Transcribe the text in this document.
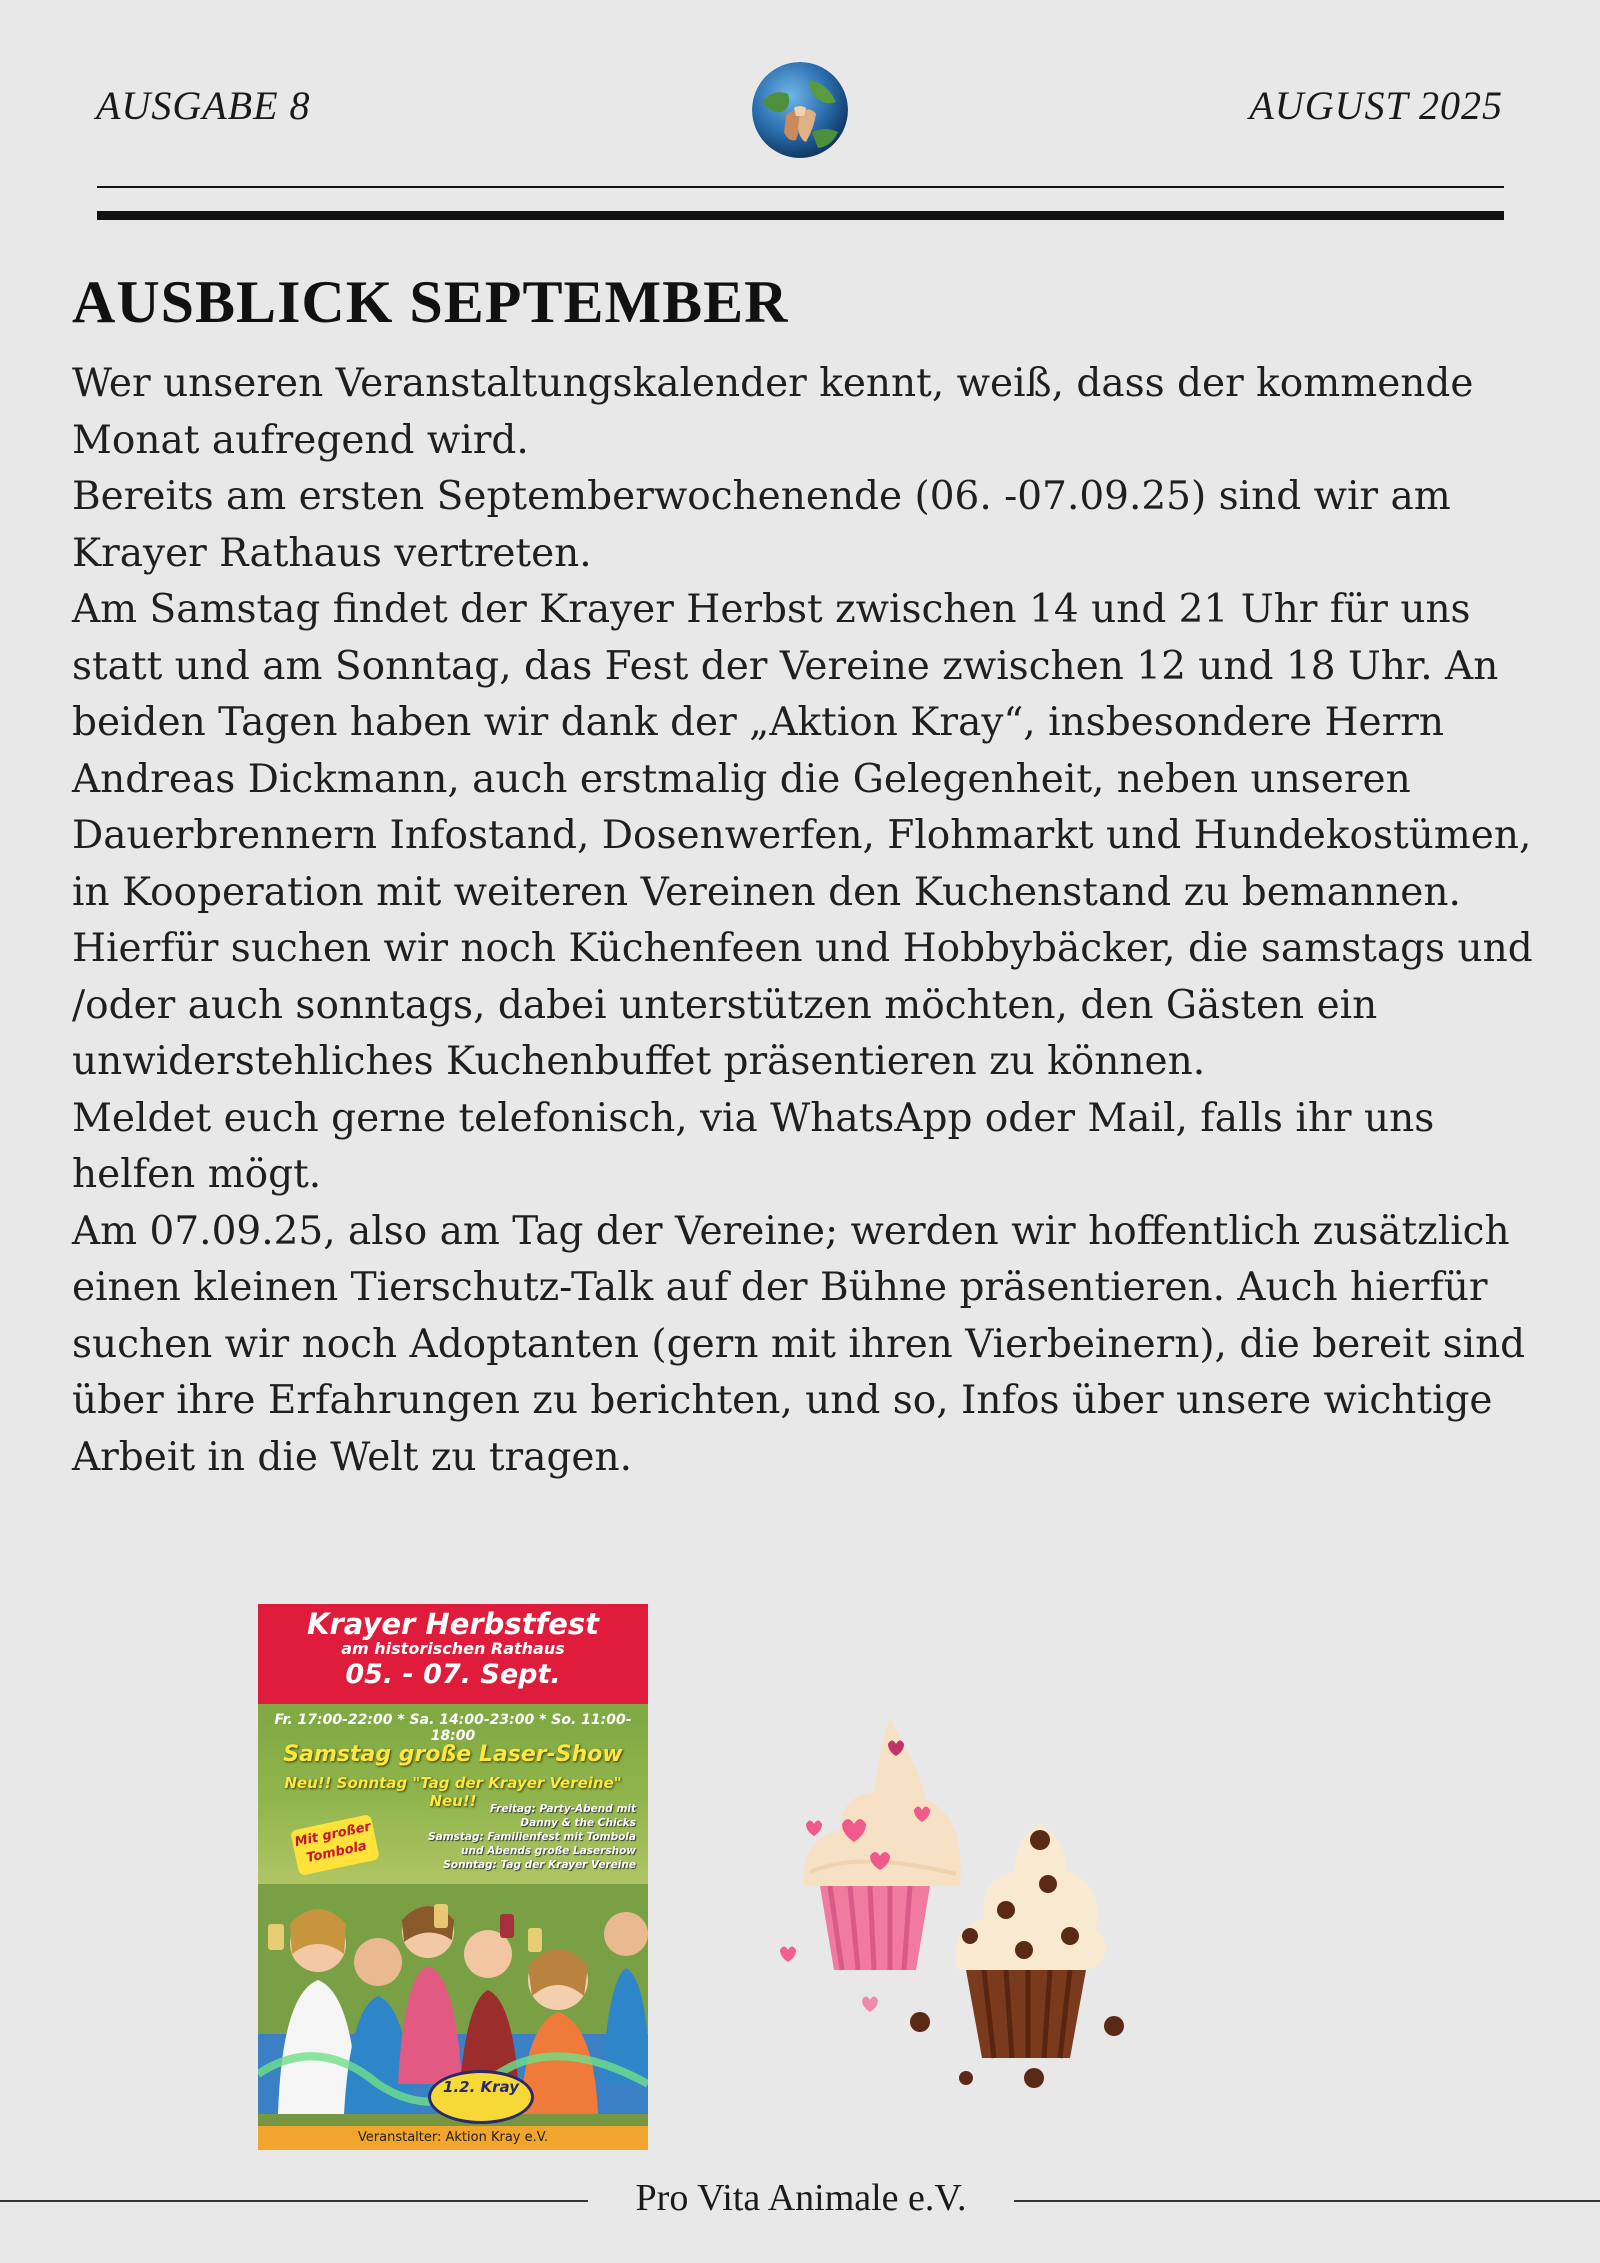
AUSGABE 8	AUGUST 2025
AUSBLICK SEPTEMBER

Wer unseren Veranstaltungskalender kennt, weiß, dass der kommende Monat aufregend wird.

Bereits am ersten Septemberwochenende (06. -07.09.25) sind wir am Krayer Rathaus vertreten.

Am Samstag findet der Krayer Herbst zwischen 14 und 21 Uhr für uns statt und am Sonntag, das Fest der Vereine zwischen 12 und 18 Uhr. An beiden Tagen haben wir dank der „Aktion Kray“, insbesondere Herrn Andreas Dickmann, auch erstmalig die Gelegenheit, neben unseren Dauerbrennern Infostand, Dosenwerfen, Flohmarkt und Hundekostümen, in Kooperation mit weiteren Vereinen den Kuchenstand zu bemannen. Hierfür suchen wir noch Küchenfeen und Hobbybäcker, die samstags und /oder auch sonntags, dabei unterstützen möchten, den Gästen ein unwiderstehliches Kuchenbuffet präsentieren zu können.

Meldet euch gerne telefonisch, via WhatsApp oder Mail, falls ihr uns helfen mögt.

Am 07.09.25, also am Tag der Vereine; werden wir hoffentlich zusätzlich einen kleinen Tierschutz-Talk auf der Bühne präsentieren. Auch hierfür suchen wir noch Adoptanten (gern mit ihren Vierbeinern), die bereit sind über ihre Erfahrungen zu berichten, und so, Infos über unsere wichtige Arbeit in die Welt zu tragen.

Krayer Herbstfest
am historischen Rathaus
05. - 07. Sept.
Fr. 17:00-22:00 * Sa. 14:00-23:00 * So. 11:00-18:00
Samstag große Laser-Show
Neu!! Sonntag "Tag der Krayer Vereine" Neu!!	Freitag: Party-Abend mit
Danny & the Chicks
Samstag: Familienfest mit Tombola
und Abends große Lasershow
Sonntag: Tag der Krayer Vereine
Mit großer Tombola
1.2. Kray
Veranstalter: Aktion Kray e.V.
Pro Vita Animale e.V.
